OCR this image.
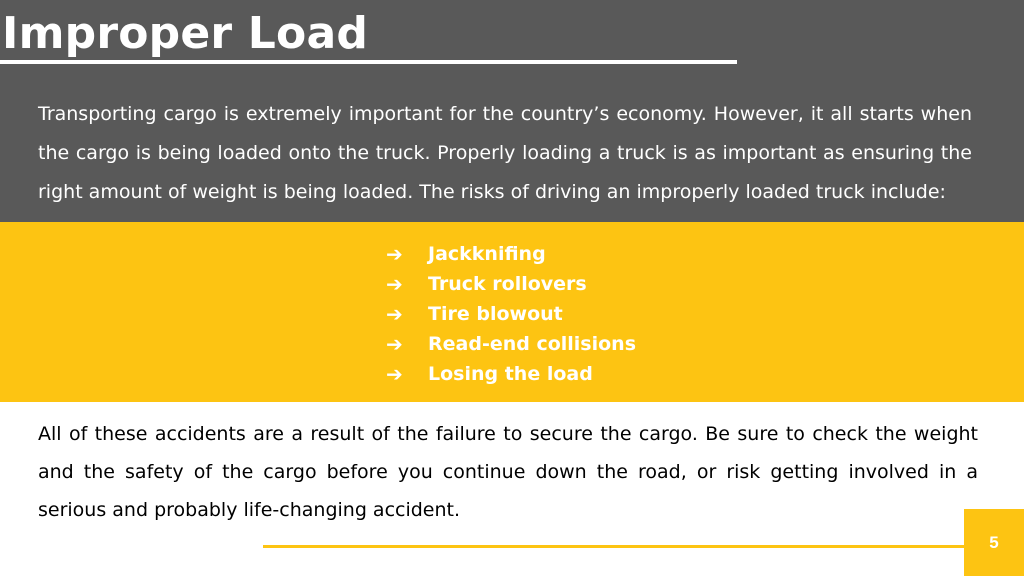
Improper Load

Transporting cargo is extremely important for the country’s economy. However, it all starts when the cargo is being loaded onto the truck. Properly loading a truck is as important as ensuring the right amount of weight is being loaded. The risks of driving an improperly loaded truck include:

➔	Jackknifing
➔	Truck rollovers
➔	Tire blowout
➔	Read-end collisions
➔	Losing the load

All of these accidents are a result of the failure to secure the cargo. Be sure to check the weight and the safety of the cargo before you continue down the road, or risk getting involved in a serious and probably life-changing accident.

5
